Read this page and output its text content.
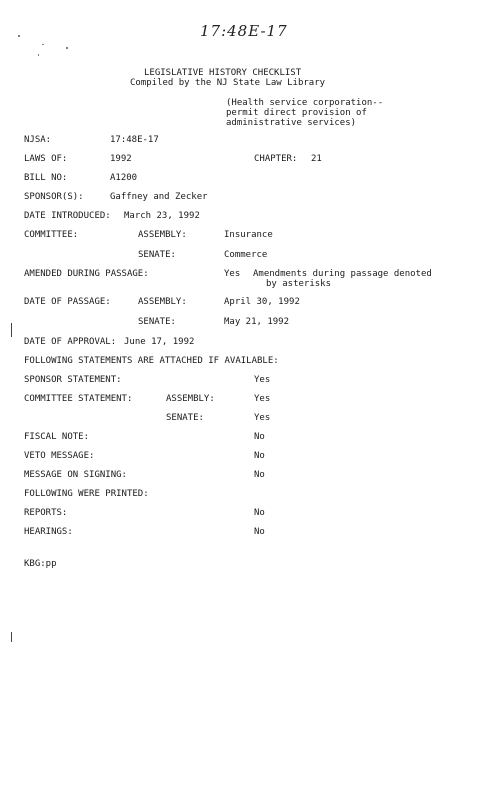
17:48E-17
LEGISLATIVE HISTORY CHECKLIST
Compiled by the NJ State Law Library
(Health service corporation--
permit direct provision of
administrative services)
NJSA:	17:48E-17
LAWS OF:	1992	CHAPTER: 21
BILL NO:	A1200
SPONSOR(S):	Gaffney and Zecker
DATE INTRODUCED: March 23, 1992
COMMITTEE:	ASSEMBLY:	Insurance
SENATE:	Commerce
AMENDED DURING PASSAGE:	Yes Amendments during passage denoted
by asterisks
DATE OF PASSAGE:	ASSEMBLY:	April 30, 1992
SENATE:	May 21, 1992
DATE OF APPROVAL: June 17, 1992
FOLLOWING STATEMENTS ARE ATTACHED IF AVAILABLE:
SPONSOR STATEMENT:	Yes
COMMITTEE STATEMENT:	ASSEMBLY:	Yes
SENATE:	Yes
FISCAL NOTE:	No
VETO MESSAGE:	No
MESSAGE ON SIGNING:	No
FOLLOWING WERE PRINTED:
REPORTS:	No
HEARINGS:	No
KBG:pp
